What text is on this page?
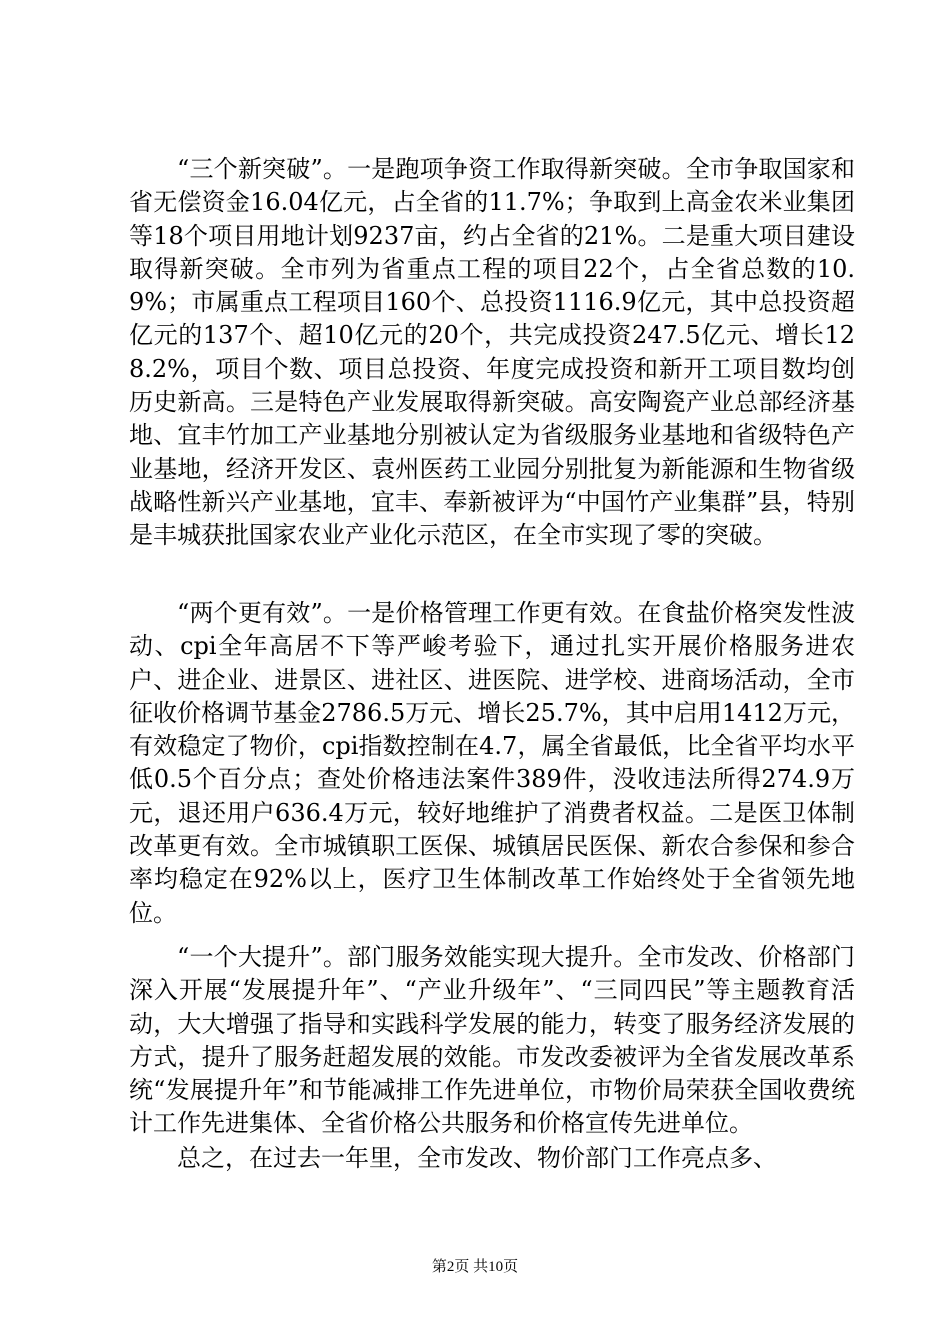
“三个新突破”。一是跑项争资工作取得新突破。全市争取国家和省无偿资金16.04亿元，占全省的11.7%；争取到上高金农米业集团等18个项目用地计划9237亩，约占全省的21%。二是重大项目建设取得新突破。全市列为省重点工程的项目22个，占全省总数的10.9%；市属重点工程项目160个、总投资1116.9亿元，其中总投资超亿元的137个、超10亿元的20个，共完成投资247.5亿元、增长128.2%，项目个数、项目总投资、年度完成投资和新开工项目数均创历史新高。三是特色产业发展取得新突破。高安陶瓷产业总部经济基地、宜丰竹加工产业基地分别被认定为省级服务业基地和省级特色产业基地，经济开发区、袁州医药工业园分别批复为新能源和生物省级战略性新兴产业基地，宜丰、奉新被评为“中国竹产业集群”县，特别是丰城获批国家农业产业化示范区，在全市实现了零的突破。

“两个更有效”。一是价格管理工作更有效。在食盐价格突发性波动、cpi全年高居不下等严峻考验下，通过扎实开展价格服务进农户、进企业、进景区、进社区、进医院、进学校、进商场活动，全市征收价格调节基金2786.5万元、增长25.7%，其中启用1412万元，有效稳定了物价，cpi指数控制在4.7，属全省最低，比全省平均水平低0.5个百分点；查处价格违法案件389件，没收违法所得274.9万元，退还用户636.4万元，较好地维护了消费者权益。二是医卫体制改革更有效。全市城镇职工医保、城镇居民医保、新农合参保和参合率均稳定在92%以上，医疗卫生体制改革工作始终处于全省领先地位。

“一个大提升”。部门服务效能实现大提升。全市发改、价格部门深入开展“发展提升年”、“产业升级年”、“三同四民”等主题教育活动，大大增强了指导和实践科学发展的能力，转变了服务经济发展的方式，提升了服务赶超发展的效能。市发改委被评为全省发展改革系统“发展提升年”和节能减排工作先进单位，市物价局荣获全国收费统计工作先进集体、全省价格公共服务和价格宣传先进单位。

总之，在过去一年里，全市发改、物价部门工作亮点多、

第2页 共10页
